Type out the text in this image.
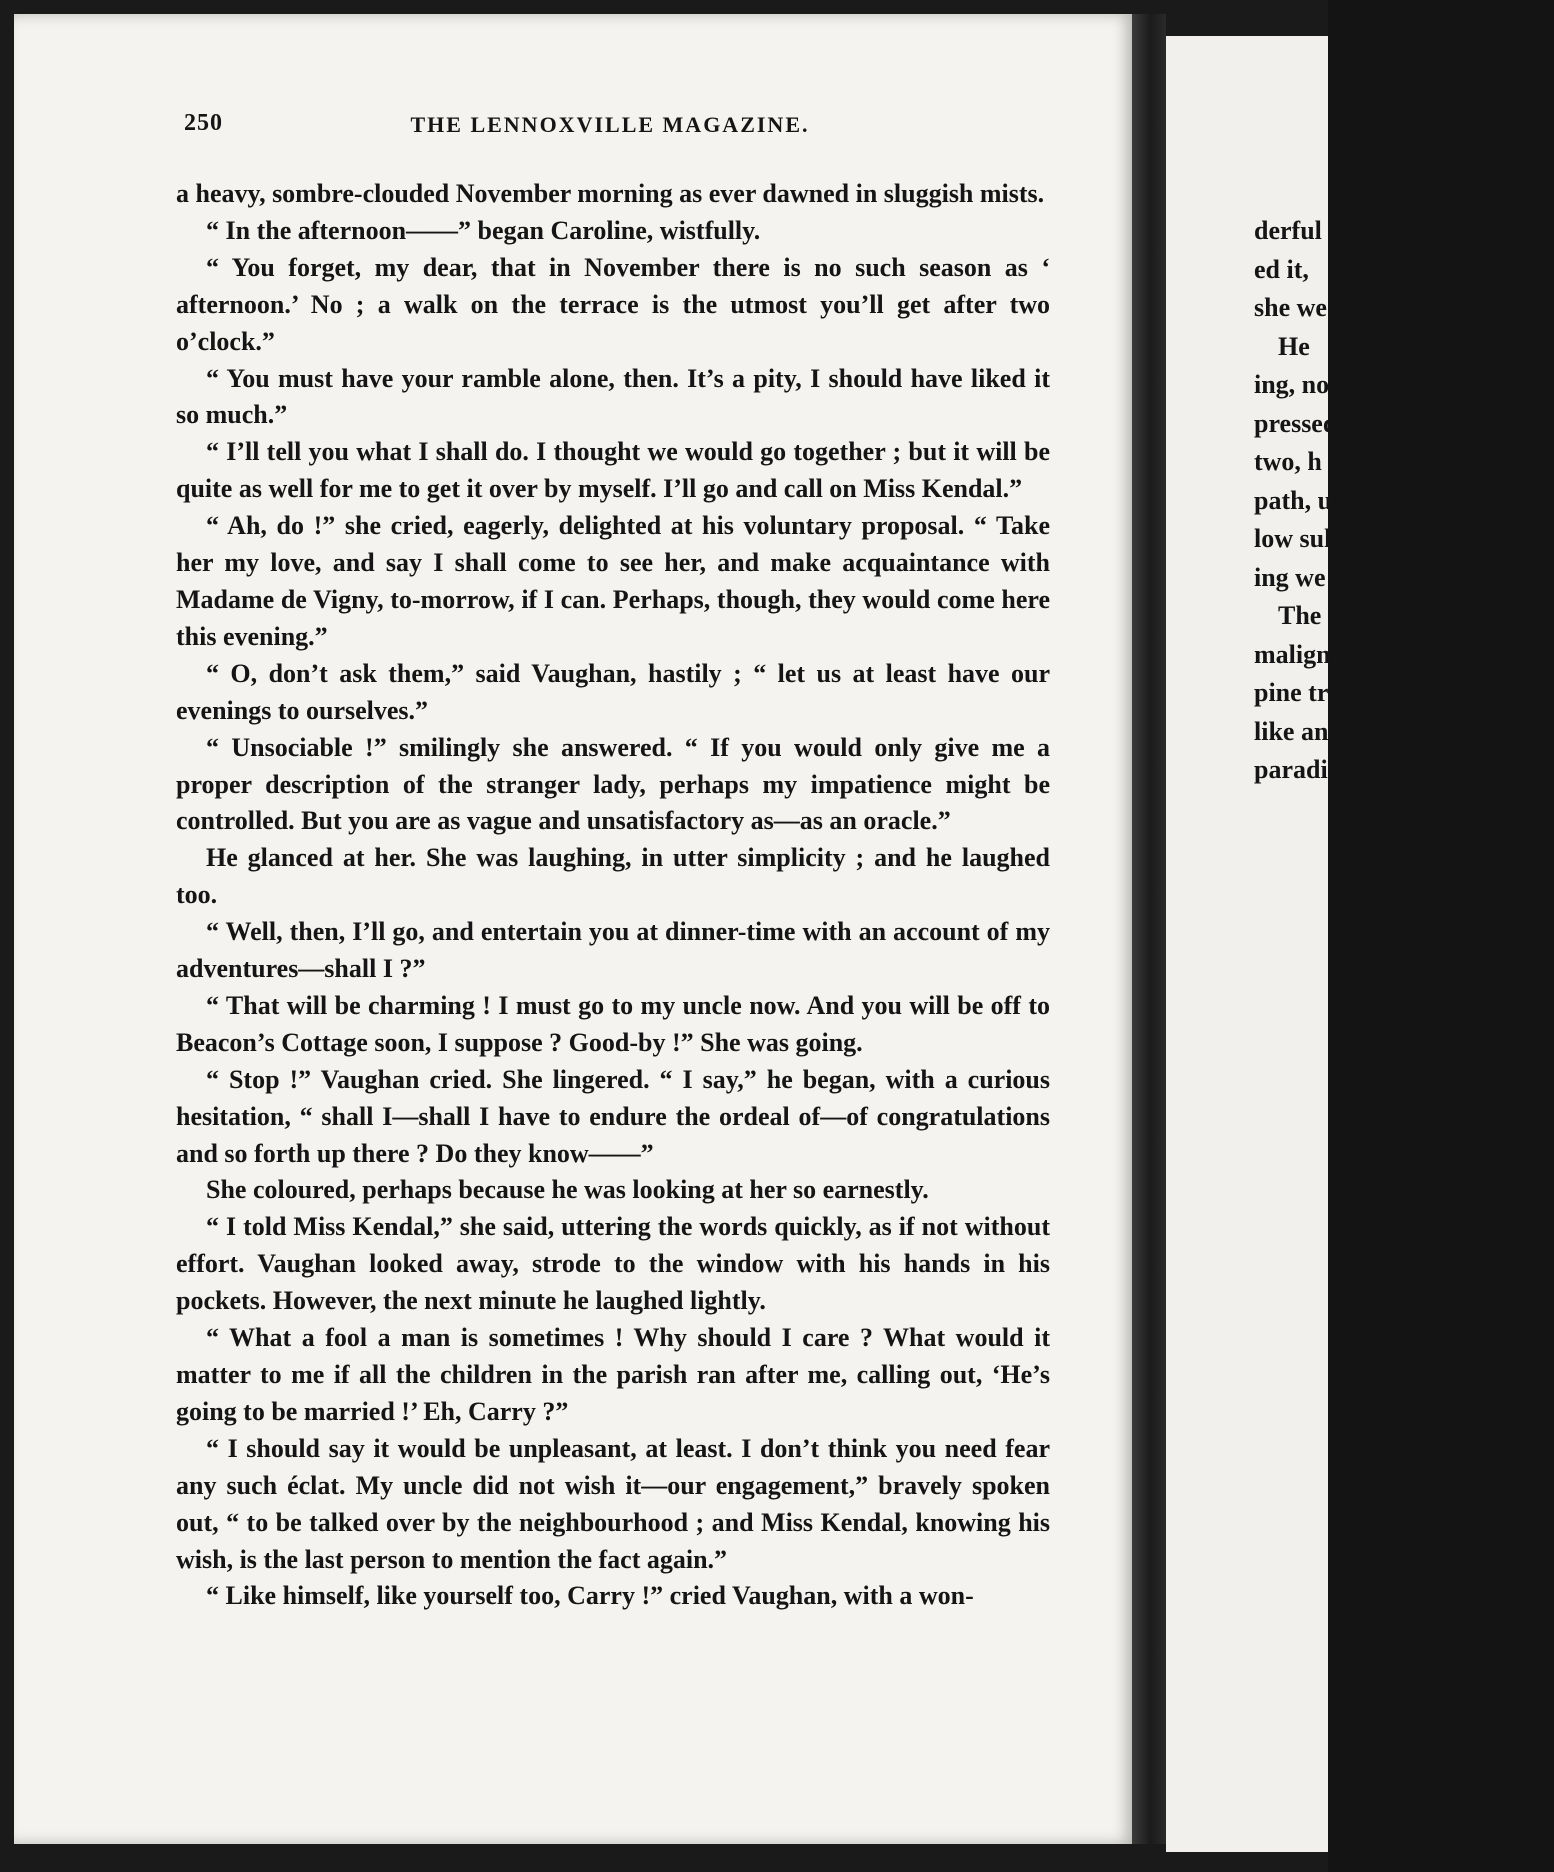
derful
ed it,
she we
He
ing, no
pressed
two, h
path, u
low sul
ing we
The
maligni
pine tre
like an
paradis
250	THE LENNOXVILLE MAGAZINE.

a heavy, sombre-clouded November morning as ever dawned in sluggish mists.

“ In the afternoon——” began Caroline, wistfully.

“ You forget, my dear, that in November there is no such season as ‘ afternoon.’ No ; a walk on the terrace is the utmost you’ll get after two o’clock.”

“ You must have your ramble alone, then. It’s a pity, I should have liked it so much.”

“ I’ll tell you what I shall do. I thought we would go together ; but it will be quite as well for me to get it over by myself. I’ll go and call on Miss Kendal.”

“ Ah, do !” she cried, eagerly, delighted at his voluntary proposal. “ Take her my love, and say I shall come to see her, and make acquaintance with Madame de Vigny, to-morrow, if I can. Perhaps, though, they would come here this evening.”

“ O, don’t ask them,” said Vaughan, hastily ; “ let us at least have our evenings to ourselves.”

“ Unsociable !” smilingly she answered. “ If you would only give me a proper description of the stranger lady, perhaps my impatience might be controlled. But you are as vague and unsatisfactory as—as an oracle.”

He glanced at her. She was laughing, in utter simplicity ; and he laughed too.

“ Well, then, I’ll go, and entertain you at dinner-time with an account of my adventures—shall I ?”

“ That will be charming ! I must go to my uncle now. And you will be off to Beacon’s Cottage soon, I suppose ? Good-by !” She was going.

“ Stop !” Vaughan cried. She lingered. “ I say,” he began, with a curious hesitation, “ shall I—shall I have to endure the ordeal of—of congratulations and so forth up there ? Do they know——”

She coloured, perhaps because he was looking at her so earnestly.

“ I told Miss Kendal,” she said, uttering the words quickly, as if not without effort. Vaughan looked away, strode to the window with his hands in his pockets. However, the next minute he laughed lightly.

“ What a fool a man is sometimes ! Why should I care ? What would it matter to me if all the children in the parish ran after me, calling out, ‘He’s going to be married !’ Eh, Carry ?”

“ I should say it would be unpleasant, at least. I don’t think you need fear any such éclat. My uncle did not wish it—our engagement,” bravely spoken out, “ to be talked over by the neighbourhood ; and Miss Kendal, knowing his wish, is the last person to mention the fact again.”

“ Like himself, like yourself too, Carry !” cried Vaughan, with a won-
